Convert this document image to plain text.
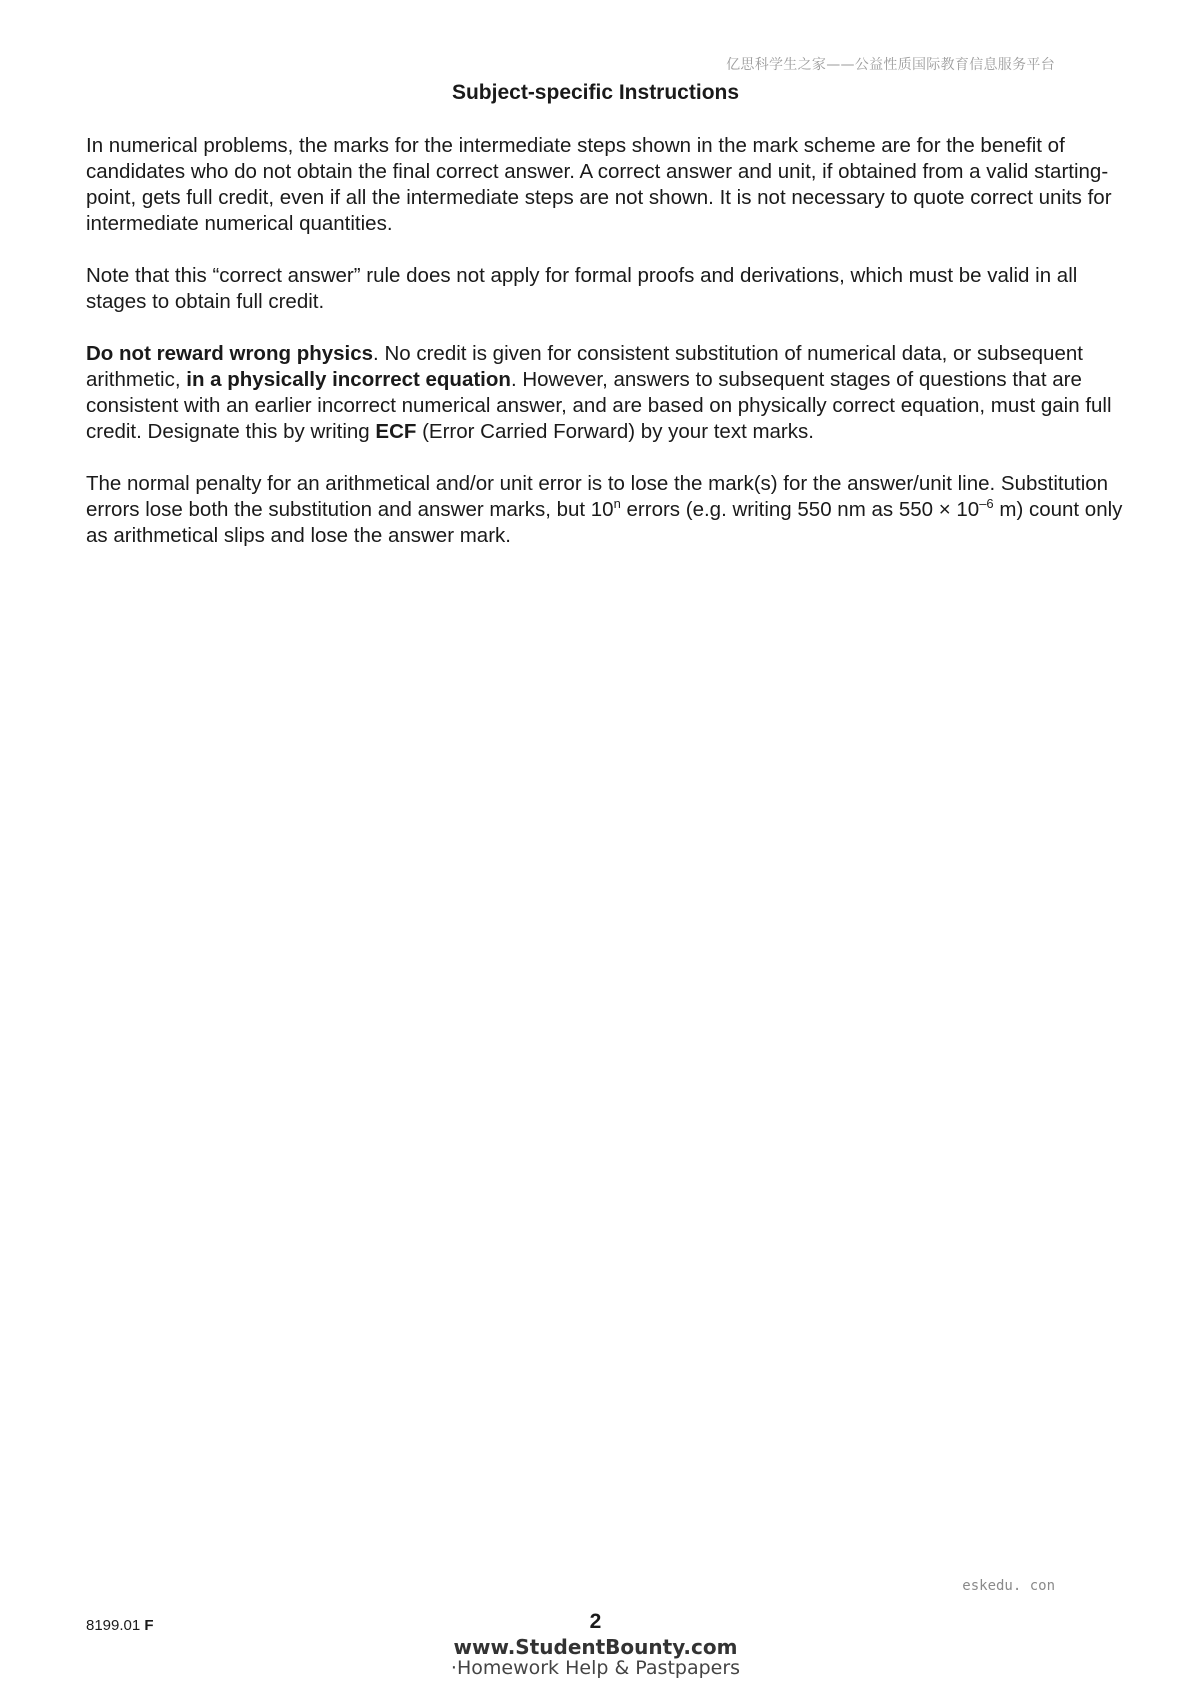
亿思科学生之家——公益性质国际教育信息服务平台
Subject-specific Instructions

In numerical problems, the marks for the intermediate steps shown in the mark scheme are for the benefit of candidates who do not obtain the final correct answer. A correct answer and unit, if obtained from a valid starting-point, gets full credit, even if all the intermediate steps are not shown. It is not necessary to quote correct units for intermediate numerical quantities.

Note that this “correct answer” rule does not apply for formal proofs and derivations, which must be valid in all stages to obtain full credit.

Do not reward wrong physics. No credit is given for consistent substitution of numerical data, or subsequent arithmetic, in a physically incorrect equation. However, answers to subsequent stages of questions that are consistent with an earlier incorrect numerical answer, and are based on physically correct equation, must gain full credit. Designate this by writing ECF (Error Carried Forward) by your text marks.

The normal penalty for an arithmetical and/or unit error is to lose the mark(s) for the answer/unit line. Substitution errors lose both the substitution and answer marks, but 10$^n$ errors (e.g. writing 550 nm as $550 \times 10^{-6}$ m) count only as arithmetical slips and lose the answer mark.

eskedu. con
8199.01 F	2
www.StudentBounty.com
·Homework Help & Pastpapers
